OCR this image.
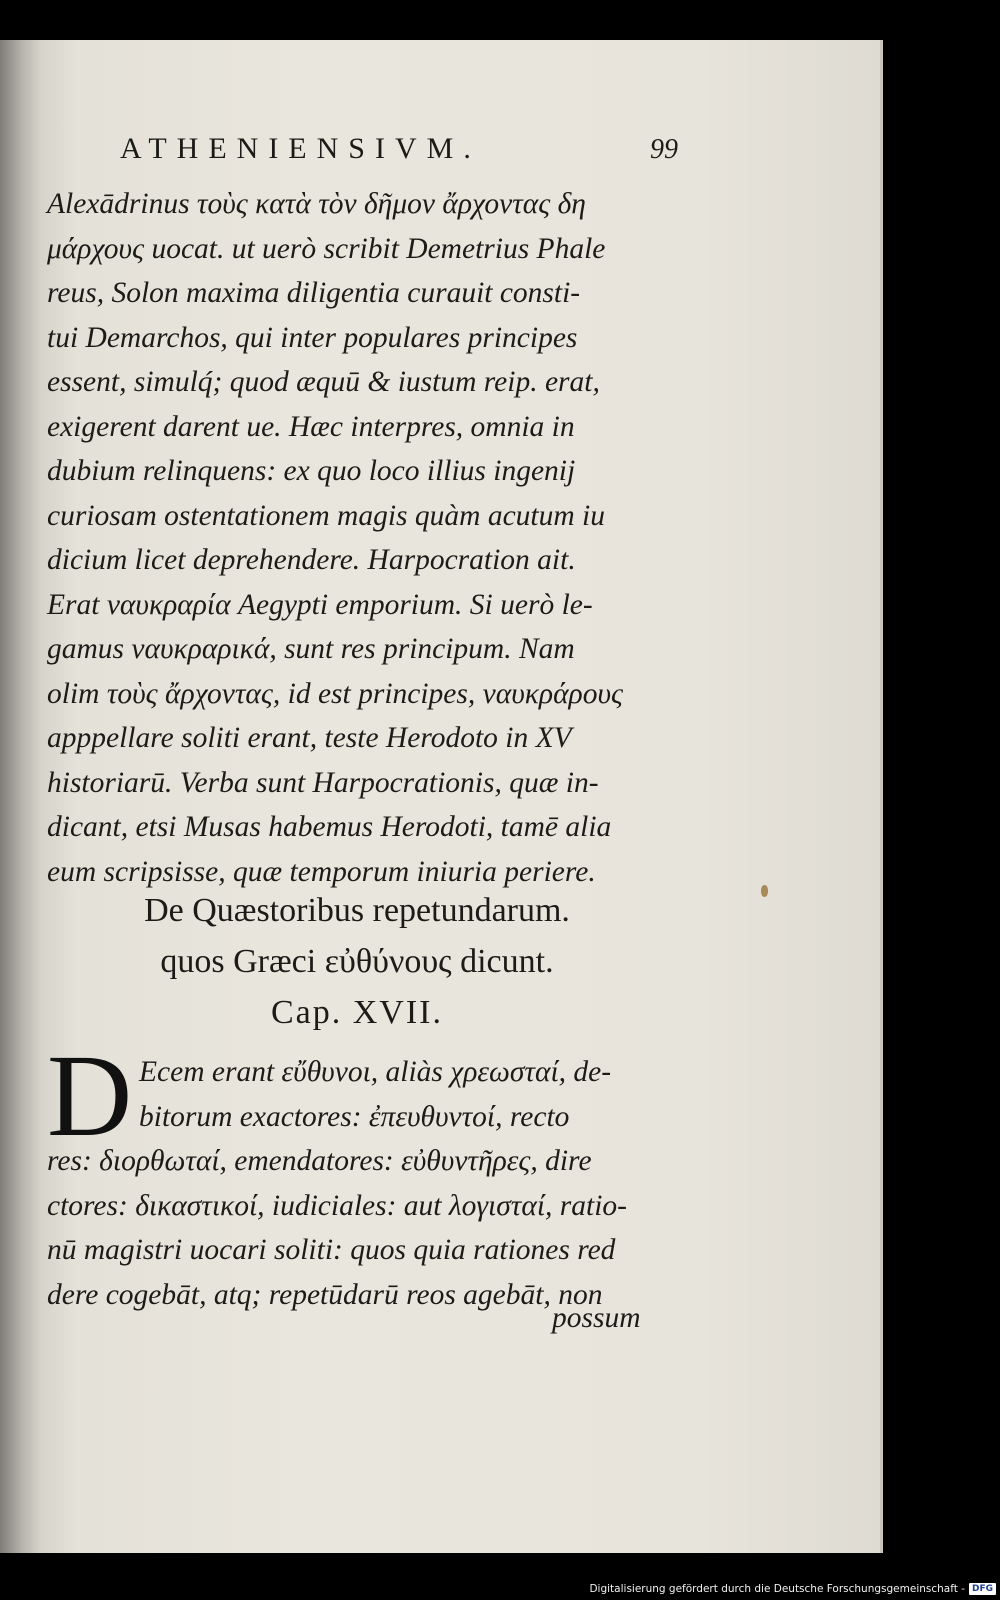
ATHENIENSIVM.	99
Alexādrinus τοὺς κατὰ τὸν δῆμον ἄρχοντας δη
μάρχους uocat. ut uerò scribit Demetrius Phale
reus, Solon maxima diligentia curauit consti-
tui Demarchos, qui inter populares principes
essent, simulq́; quod æquū & iustum reip. erat,
exigerent darent ue. Hæc interpres, omnia in
dubium relinquens: ex quo loco illius ingenij
curiosam ostentationem magis quàm acutum iu
dicium licet deprehendere. Harpocration ait.
Erat ναυκραρία Aegypti emporium. Si uerò le-
gamus ναυκραρικά, sunt res principum. Nam
olim τοὺς ἄρχοντας, id est principes, ναυκράρους
apppellare soliti erant, teste Herodoto in XV
historiarū. Verba sunt Harpocrationis, quæ in-
dicant, etsi Musas habemus Herodoti, tamē alia
eum scripsisse, quæ temporum iniuria periere.
De Quæstoribus repetundarum.
quos Græci εὐθύνους dicunt.
Cap. XVII.
D Ecem erant εὔθυνοι, aliàs χρεωσταί, de-
bitorum exactores: ἐπευθυντοί, recto
res: διορθωταί, emendatores: εὐθυντῆρες, dire
ctores: δικαστικοί, iudiciales: aut λογισταί, ratio-
nū magistri uocari soliti: quos quia rationes red
dere cogebāt, atq; repetūdarū reos agebāt, non
possum
Digitalisierung gefördert durch die Deutsche Forschungsgemeinschaft - DFG
